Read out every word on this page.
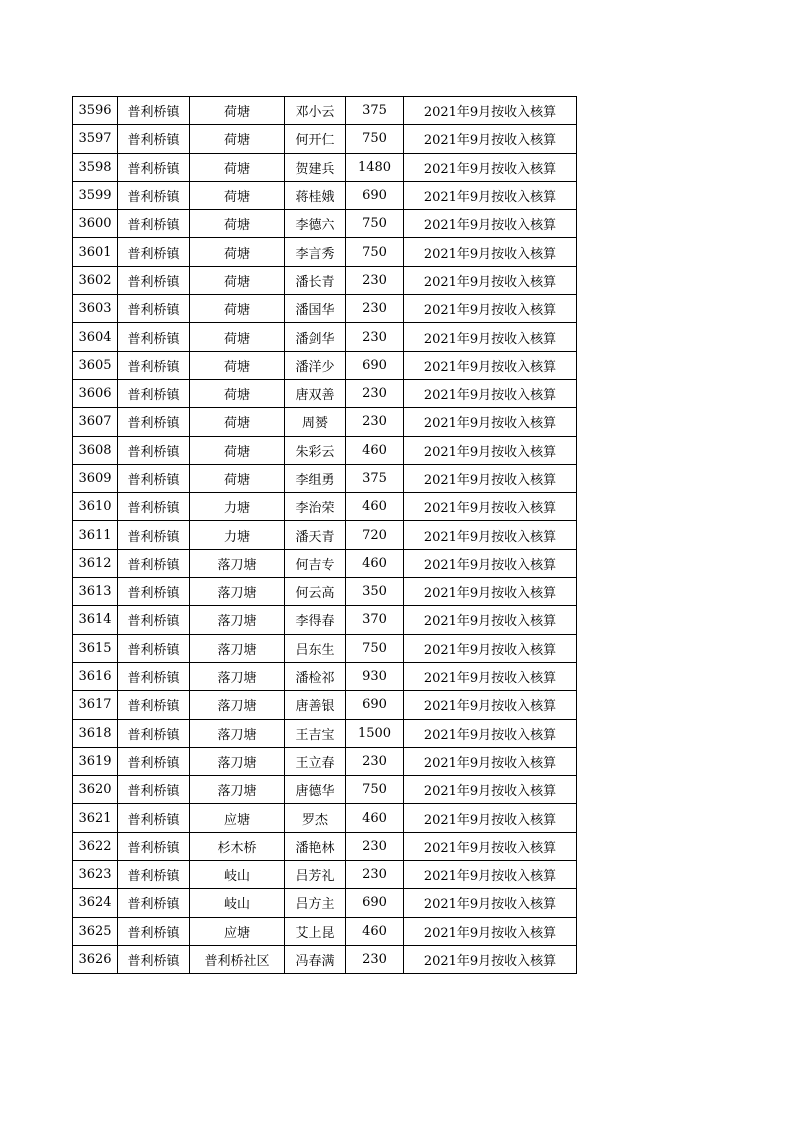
3596	普利桥镇	荷塘	邓小云	375	2021年9月按收入核算
3597	普利桥镇	荷塘	何开仁	750	2021年9月按收入核算
3598	普利桥镇	荷塘	贺建兵	1480	2021年9月按收入核算
3599	普利桥镇	荷塘	蒋桂娥	690	2021年9月按收入核算
3600	普利桥镇	荷塘	李德六	750	2021年9月按收入核算
3601	普利桥镇	荷塘	李言秀	750	2021年9月按收入核算
3602	普利桥镇	荷塘	潘长青	230	2021年9月按收入核算
3603	普利桥镇	荷塘	潘国华	230	2021年9月按收入核算
3604	普利桥镇	荷塘	潘剑华	230	2021年9月按收入核算
3605	普利桥镇	荷塘	潘洋少	690	2021年9月按收入核算
3606	普利桥镇	荷塘	唐双善	230	2021年9月按收入核算
3607	普利桥镇	荷塘	周赟	230	2021年9月按收入核算
3608	普利桥镇	荷塘	朱彩云	460	2021年9月按收入核算
3609	普利桥镇	荷塘	李组勇	375	2021年9月按收入核算
3610	普利桥镇	力塘	李治荣	460	2021年9月按收入核算
3611	普利桥镇	力塘	潘天青	720	2021年9月按收入核算
3612	普利桥镇	落刀塘	何吉专	460	2021年9月按收入核算
3613	普利桥镇	落刀塘	何云高	350	2021年9月按收入核算
3614	普利桥镇	落刀塘	李得春	370	2021年9月按收入核算
3615	普利桥镇	落刀塘	吕东生	750	2021年9月按收入核算
3616	普利桥镇	落刀塘	潘检祁	930	2021年9月按收入核算
3617	普利桥镇	落刀塘	唐善银	690	2021年9月按收入核算
3618	普利桥镇	落刀塘	王吉宝	1500	2021年9月按收入核算
3619	普利桥镇	落刀塘	王立春	230	2021年9月按收入核算
3620	普利桥镇	落刀塘	唐德华	750	2021年9月按收入核算
3621	普利桥镇	应塘	罗杰	460	2021年9月按收入核算
3622	普利桥镇	杉木桥	潘艳林	230	2021年9月按收入核算
3623	普利桥镇	岐山	吕芳礼	230	2021年9月按收入核算
3624	普利桥镇	岐山	吕方主	690	2021年9月按收入核算
3625	普利桥镇	应塘	艾上昆	460	2021年9月按收入核算
3626	普利桥镇	普利桥社区	冯春满	230	2021年9月按收入核算
